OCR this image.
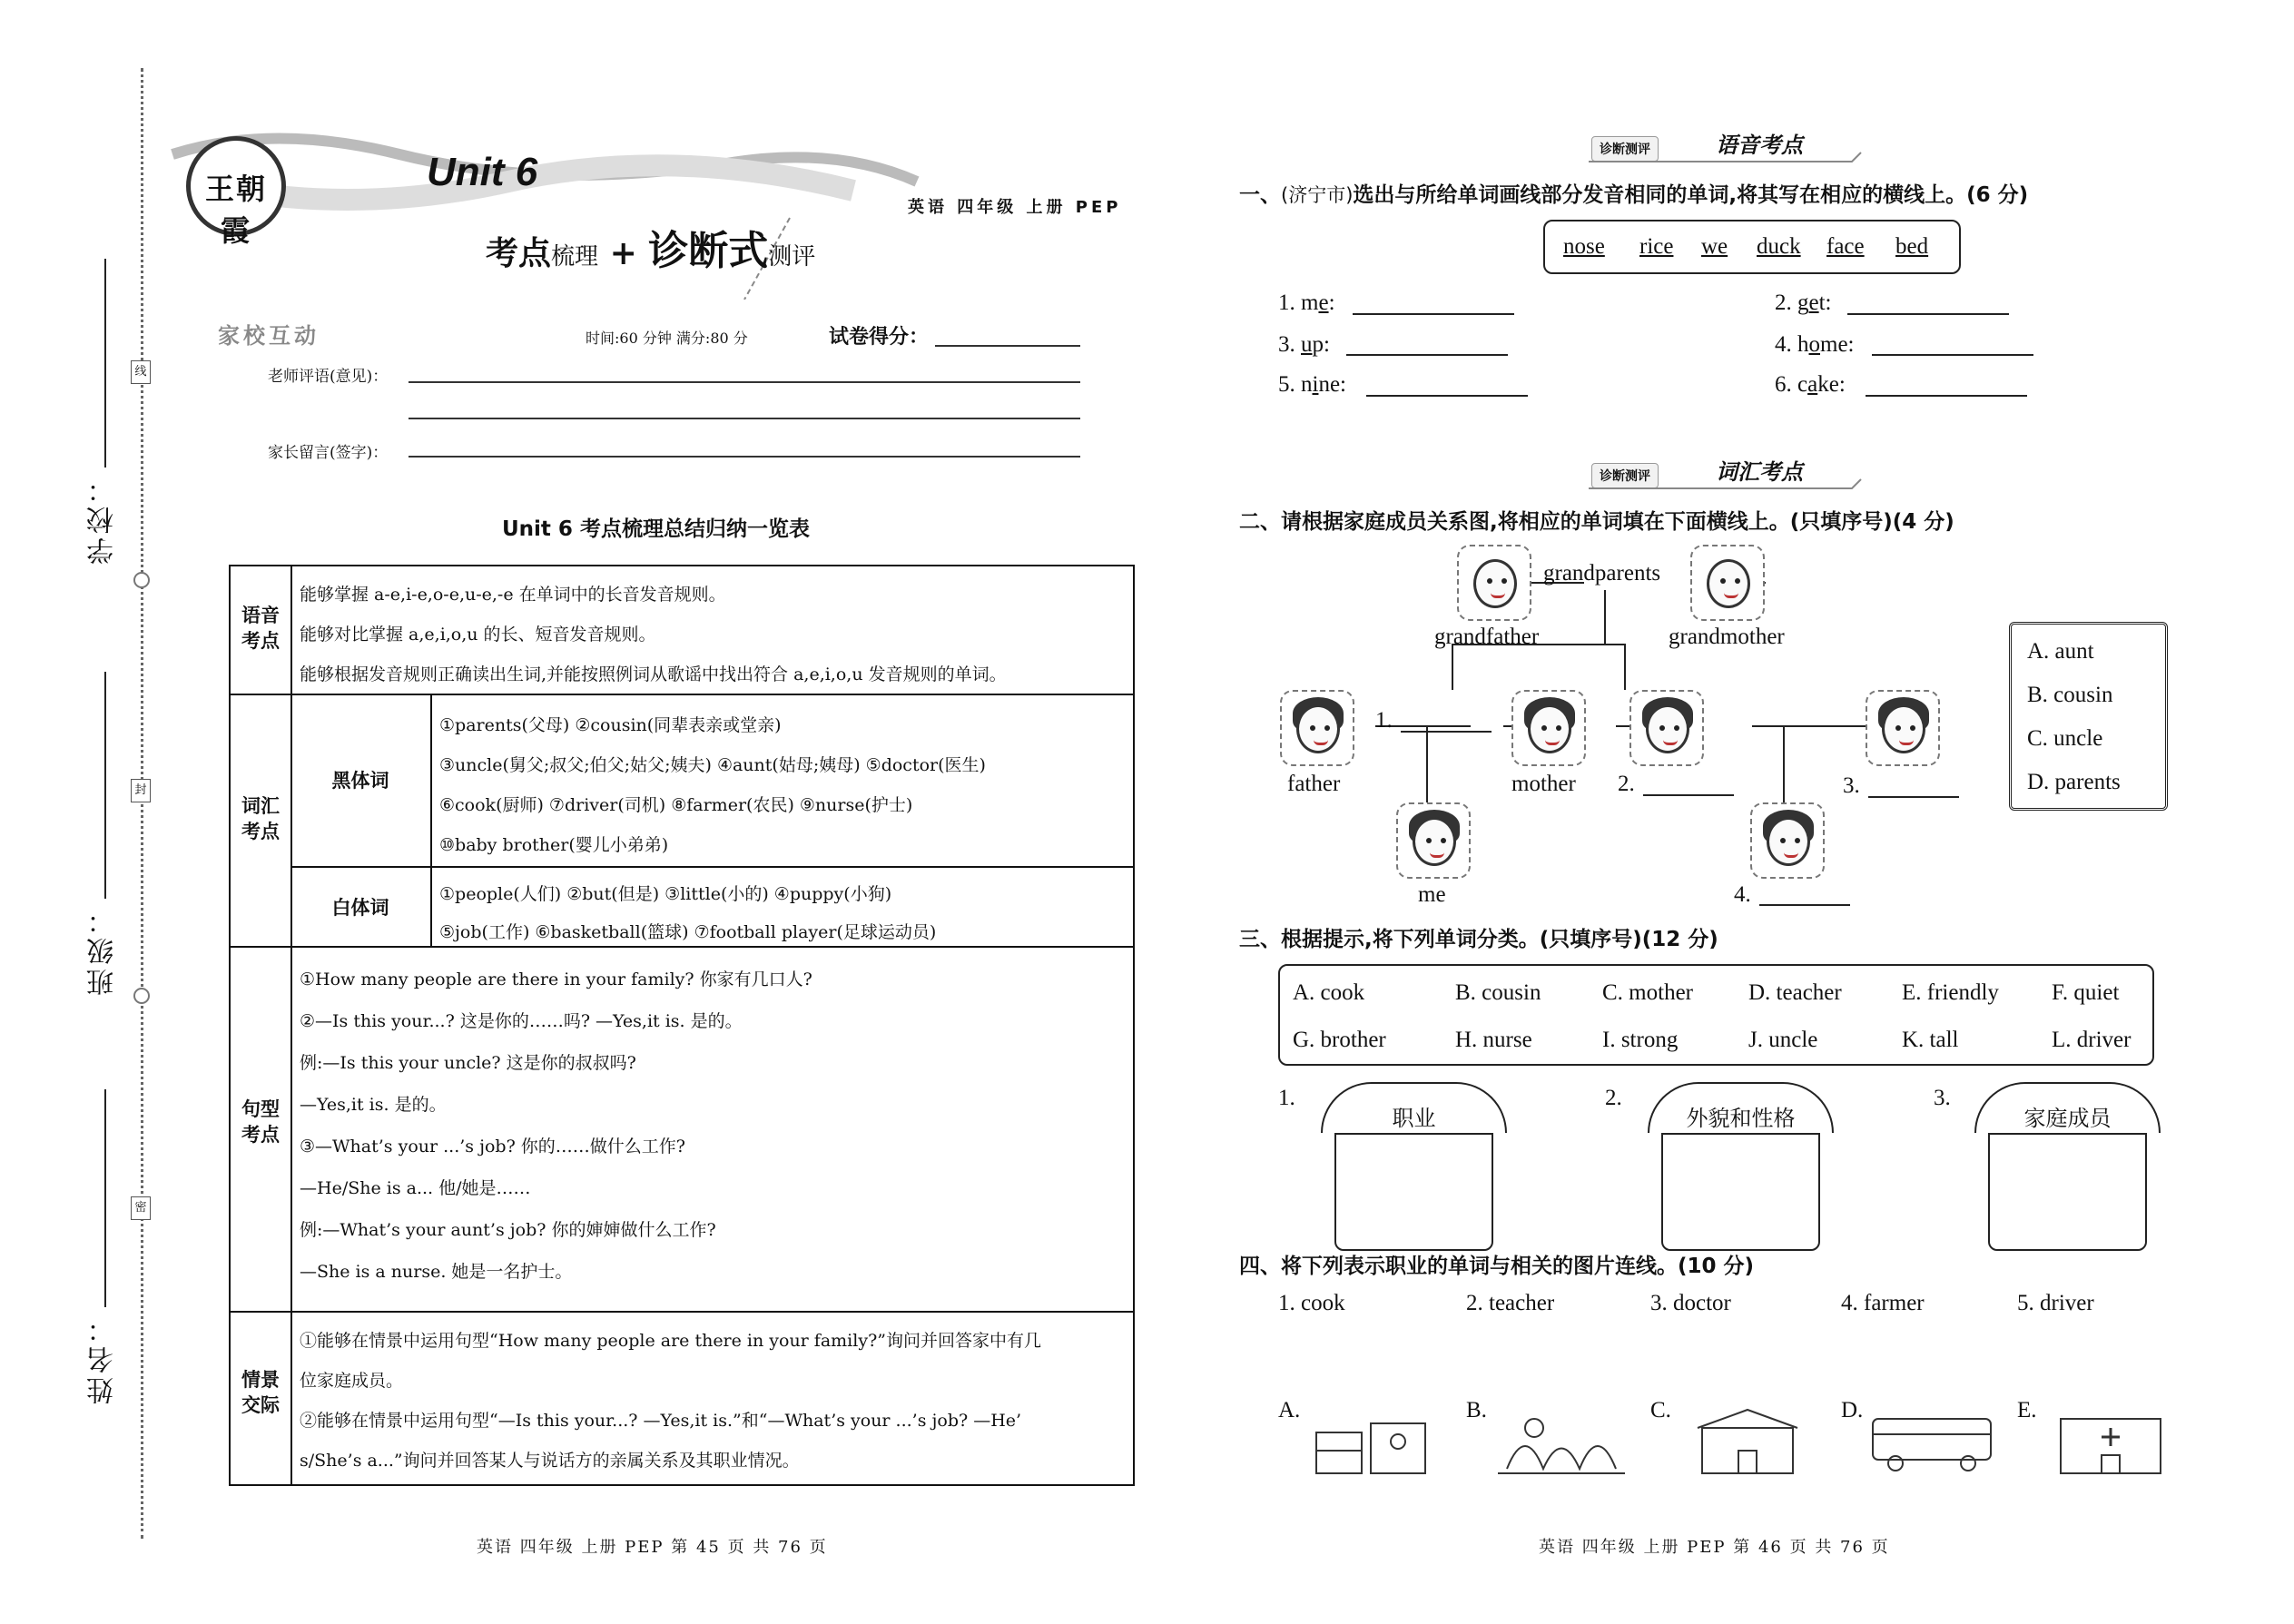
线
封
密
学校：
班级：
姓名：
王朝霞
Unit 6
考点梳理 + 诊断式测评
英语 四年级 上册 PEP
家校互动	时间:60 分钟 满分:80 分	试卷得分：
老师评语(意见)：
家长留言(签字)：
Unit 6 考点梳理总结归纳一览表
语音
考点
能够掌握 a-e,i-e,o-e,u-e,-e 在单词中的长音发音规则。
能够对比掌握 a,e,i,o,u 的长、短音发音规则。
能够根据发音规则正确读出生词,并能按照例词从歌谣中找出符合 a,e,i,o,u 发音规则的单词。
词汇
考点
黑体词
①parents(父母) ②cousin(同辈表亲或堂亲)
③uncle(舅父;叔父;伯父;姑父;姨夫) ④aunt(姑母;姨母) ⑤doctor(医生)
⑥cook(厨师) ⑦driver(司机) ⑧farmer(农民) ⑨nurse(护士)
⑩baby brother(婴儿小弟弟)
白体词
①people(人们) ②but(但是) ③little(小的) ④puppy(小狗)
⑤job(工作) ⑥basketball(篮球) ⑦football player(足球运动员)
句型
考点
①How many people are there in your family? 你家有几口人?
②—Is this your...? 这是你的……吗? —Yes,it is. 是的。
例:—Is this your uncle? 这是你的叔叔吗?
—Yes,it is. 是的。
③—What’s your ...’s job? 你的……做什么工作?
—He/She is a... 他/她是……
例:—What’s your aunt’s job? 你的婶婶做什么工作?
—She is a nurse. 她是一名护士。
情景
交际
①能够在情景中运用句型“How many people are there in your family?”询问并回答家中有几
位家庭成员。
②能够在情景中运用句型“—Is this your...? —Yes,it is.”和“—What’s your ...’s job? —He’
s/She’s a...”询问并回答某人与说话方的亲属关系及其职业情况。
英语 四年级 上册 PEP 第 45 页 共 76 页
诊断测评	语音考点
一、(济宁市)选出与所给单词画线部分发音相同的单词,将其写在相应的横线上。(6 分)
nose rice we duck face bed
1. me:	2. get:
3. up:	4. home:
5. nine:	6. cake:
诊断测评	词汇考点
二、请根据家庭成员关系图,将相应的单词填在下面横线上。(只填序号)(4 分)
grandparents
grandfather	grandmother
father
1.
mother 2.	3.
me	4.
A. aunt
B. cousin
C. uncle
D. parents
三、根据提示,将下列单词分类。(只填序号)(12 分)
A. cook	B. cousin	C. mother D. teacher	E. friendly F. quiet
G. brother	H. nurse	I. strong	J. uncle	K. tall	L. driver
1.
职业
2.
外貌和性格
3.
家庭成员
四、将下列表示职业的单词与相关的图片连线。(10 分)
1. cook	2. teacher	3. doctor	4. farmer	5. driver
A.	B.	C.	D.	E.
英语 四年级 上册 PEP 第 46 页 共 76 页
